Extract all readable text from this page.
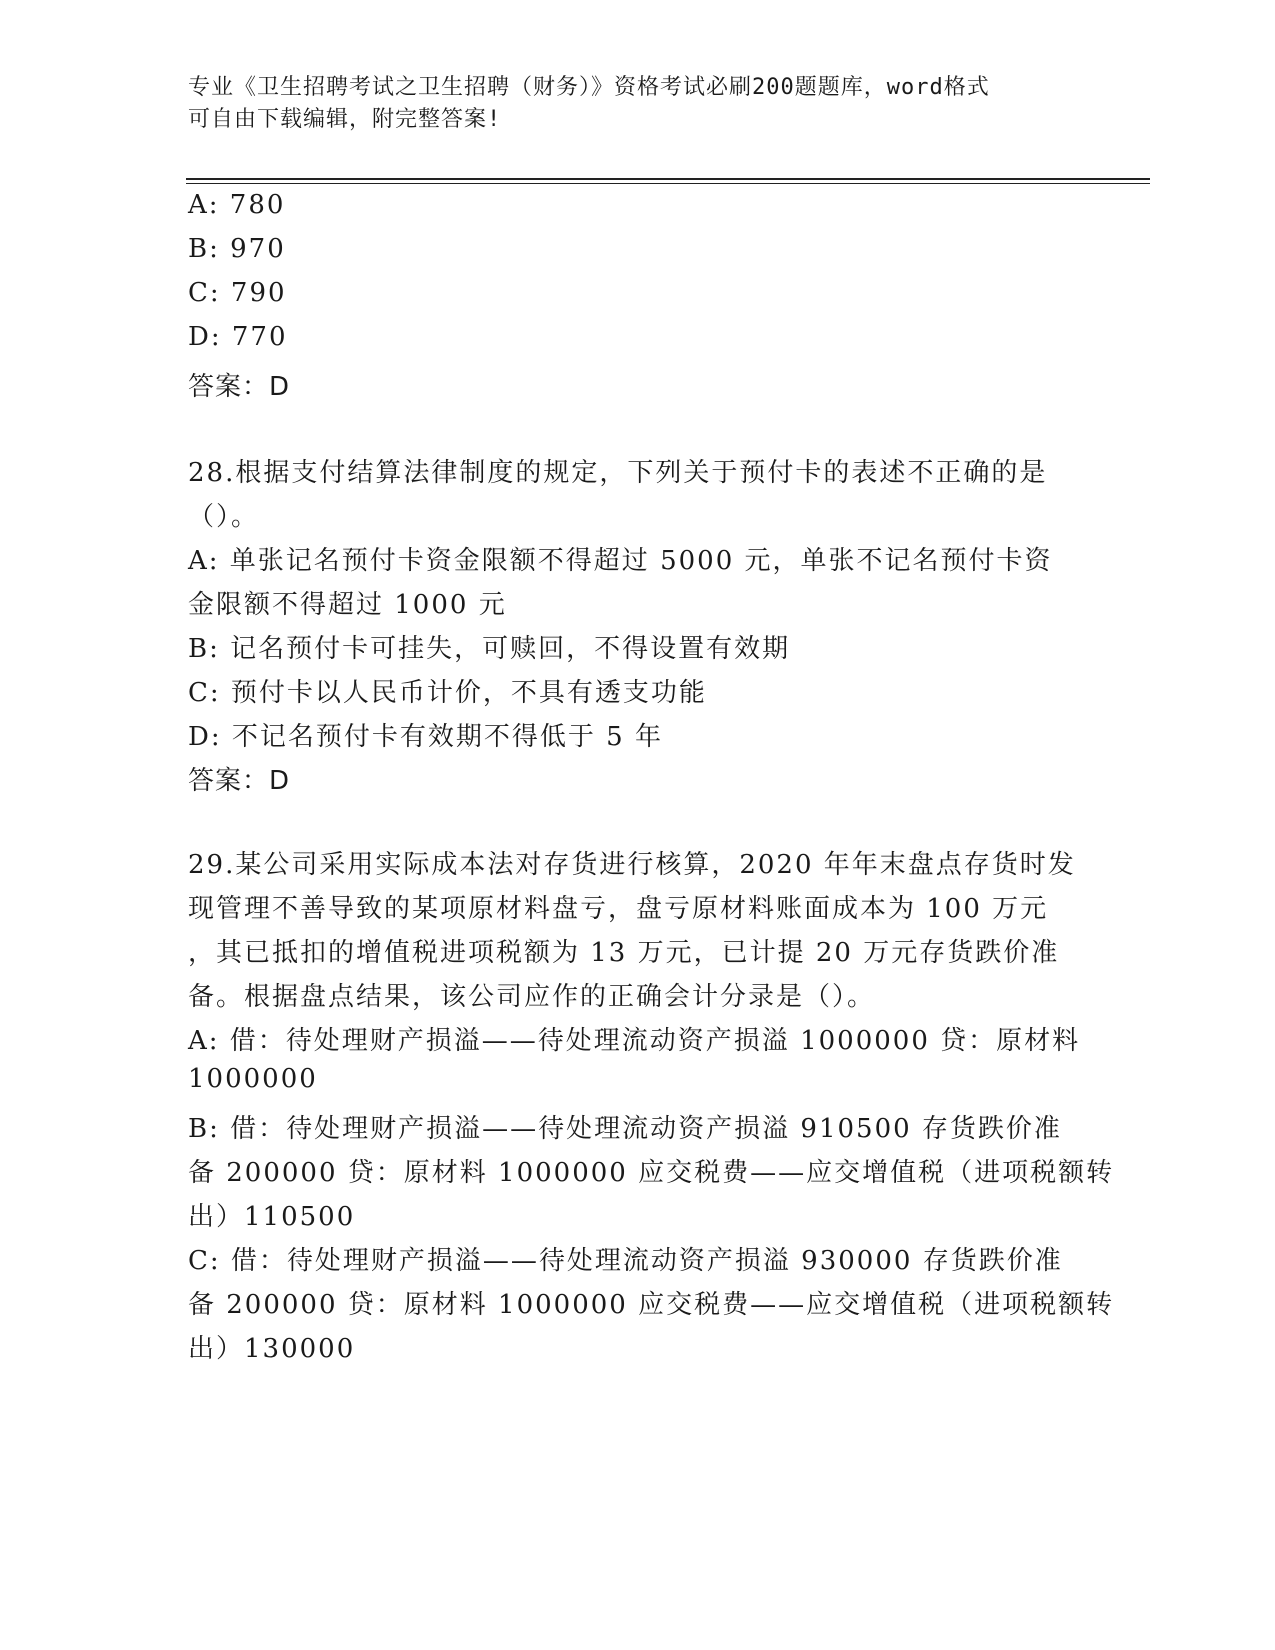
专业《卫生招聘考试之卫生招聘（财务）》资格考试必刷200题题库，word格式
可自由下载编辑，附完整答案!
A: 780
B: 970
C: 790
D: 770
答案：D
28.根据支付结算法律制度的规定，下列关于预付卡的表述不正确的是
（）。
A: 单张记名预付卡资金限额不得超过 5000 元，单张不记名预付卡资
金限额不得超过 1000 元
B: 记名预付卡可挂失，可赎回，不得设置有效期
C: 预付卡以人民币计价，不具有透支功能
D: 不记名预付卡有效期不得低于 5 年
答案：D
29.某公司采用实际成本法对存货进行核算，2020 年年末盘点存货时发
现管理不善导致的某项原材料盘亏，盘亏原材料账面成本为 100 万元
，其已抵扣的增值税进项税额为 13 万元，已计提 20 万元存货跌价准
备。根据盘点结果，该公司应作的正确会计分录是（）。
A: 借：待处理财产损溢——待处理流动资产损溢 1000000 贷：原材料
1000000
B: 借：待处理财产损溢——待处理流动资产损溢 910500 存货跌价准
备 200000 贷：原材料 1000000 应交税费——应交增值税（进项税额转
出）110500
C: 借：待处理财产损溢——待处理流动资产损溢 930000 存货跌价准
备 200000 贷：原材料 1000000 应交税费——应交增值税（进项税额转
出）130000
